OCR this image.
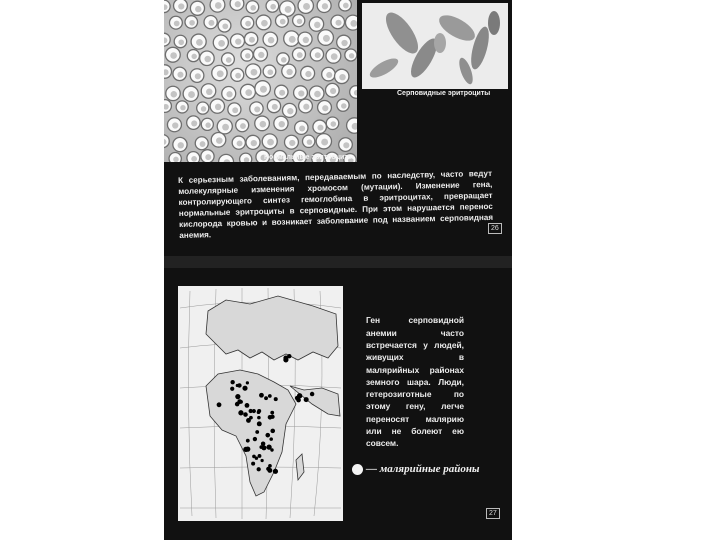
Серповидные эритроциты
Нормальные эритроциты

К серьезным заболеваниям, передаваемым по наследству, часто ведут молекулярные изменения хромосом (мутации). Изменение гена, контролирующего синтез гемоглобина в эритроцитах, превращает нормальные эритроциты в серповидные. При этом нарушается перенос кислорода кровью и возникает заболевание под названием серповидная анемия.

26

Ген серповидной анемии часто встречается у людей, живущих в малярийных районах земного шара. Люди, гетерозиготные по этому гену, легче переносят малярию или не болеют ею совсем.

— малярийные районы
27
